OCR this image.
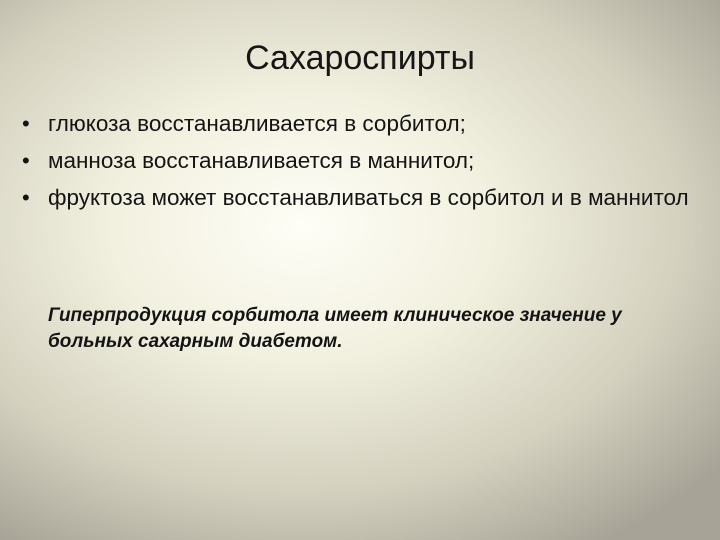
Сахароспирты
• глюкоза восстанавливается в сорбитол;
• манноза восстанавливается в маннитол;
• фруктоза может восстанавливаться в сорбитол и в маннитол
Гиперпродукция сорбитола имеет клиническое значение у больных сахарным диабетом.
